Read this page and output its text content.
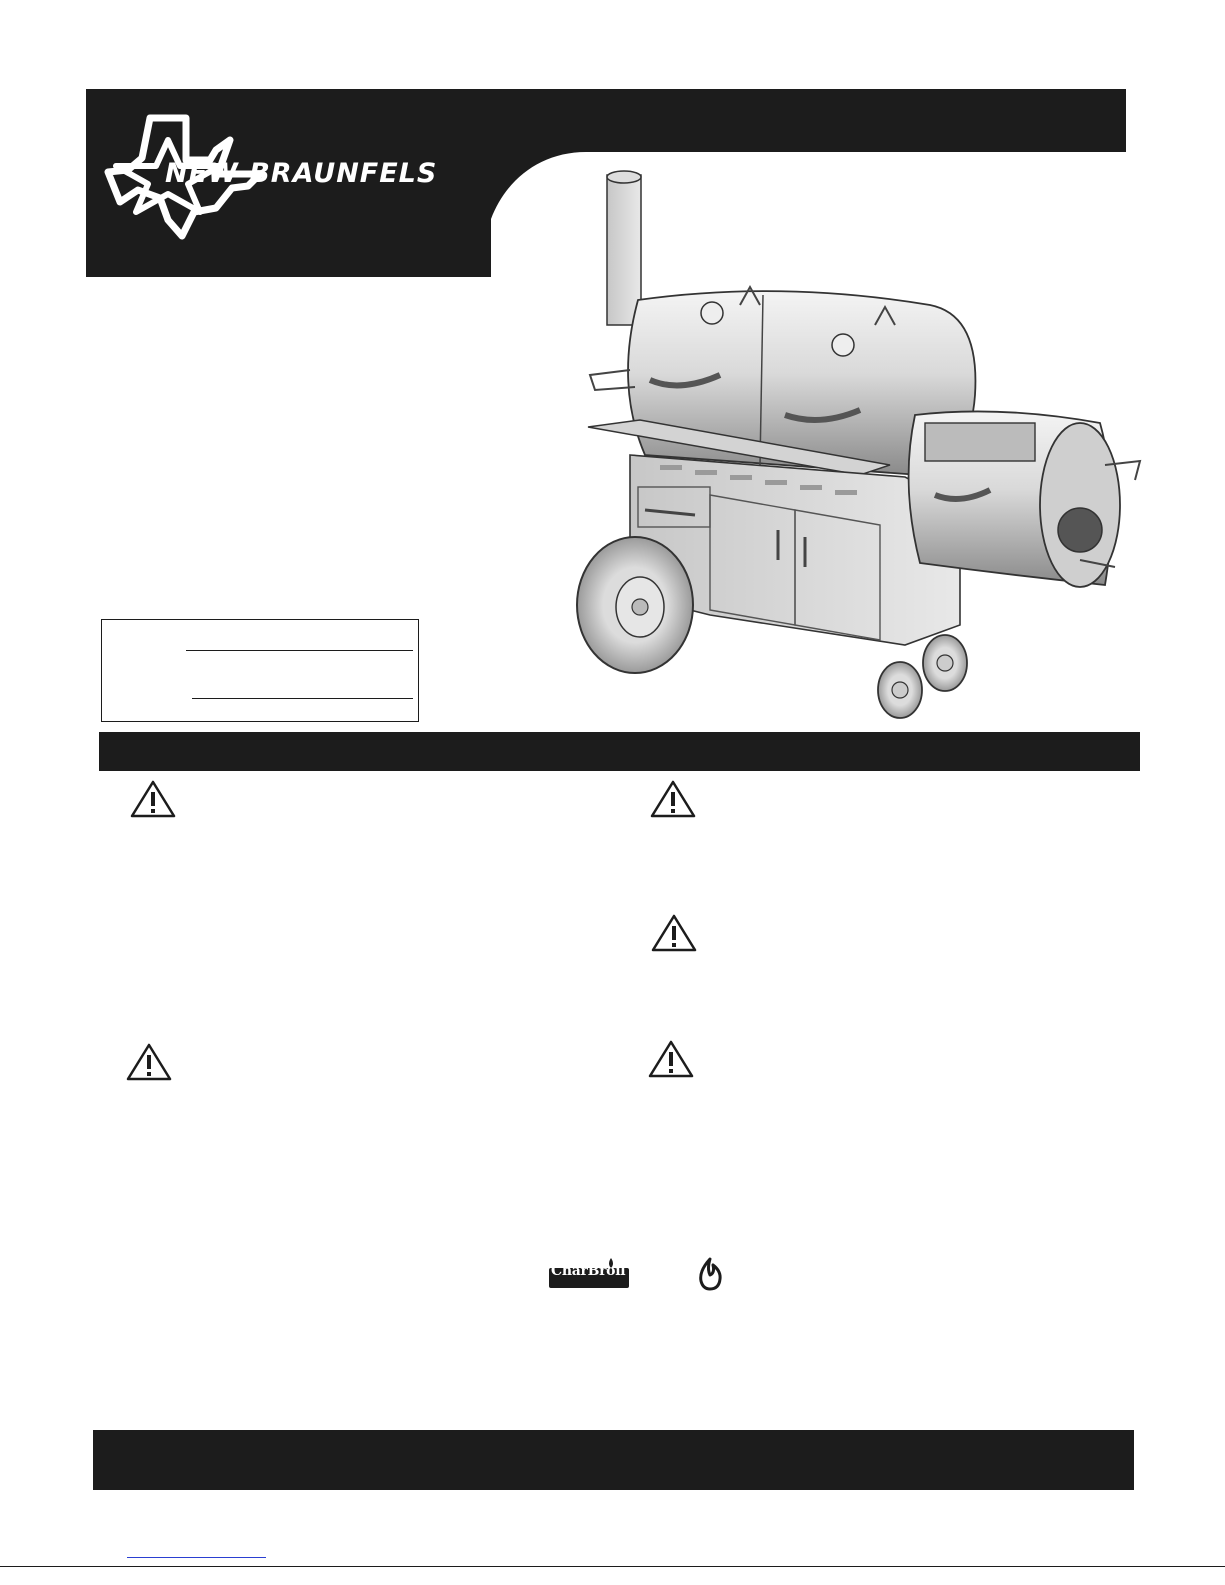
NEW BRAUNFELS
CharBroil
